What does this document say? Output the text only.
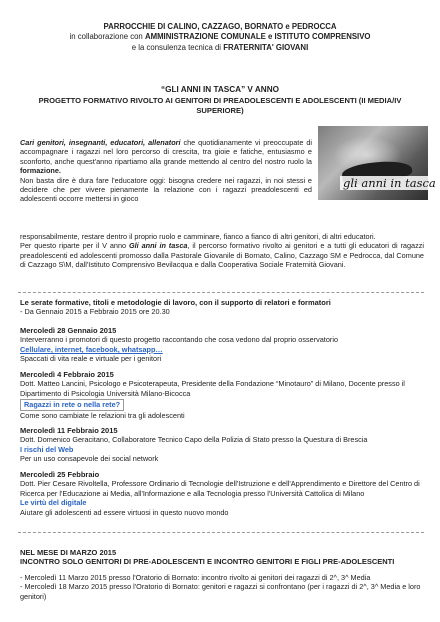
PARROCCHIE DI CALINO, CAZZAGO, BORNATO e PEDROCCA
in collaborazione con AMMINISTRAZIONE COMUNALE e ISTITUTO COMPRENSIVO
e la consulenza tecnica di FRATERNITA' GIOVANI
“GLI ANNI IN TASCA” V ANNO
PROGETTO FORMATIVO RIVOLTO AI GENITORI DI PREADOLESCENTI E ADOLESCENTI (II MEDIA/IV SUPERIORE)
gli anni in tasca
Cari genitori, insegnanti, educatori, allenatori che quotidianamente vi preoccupate di accompagnare i ragazzi nel loro percorso di crescita, tra gioie e fatiche, entusiasmo e sconforto, anche quest'anno ripartiamo alla grande mettendo al centro del nostro ruolo la formazione.
Non basta dire è dura fare l'educatore oggi: bisogna credere nei ragazzi, in noi stessi e decidere che per vivere pienamente la relazione con i ragazzi preadolescenti ed adolescenti occorre mettersi in gioco
responsabilmente, restare dentro il proprio ruolo e camminare, fianco a fianco di altri genitori, di altri educatori.
Per questo riparte per il V anno Gli anni in tasca, il percorso formativo rivolto ai genitori e a tutti gli educatori di ragazzi preadolescenti ed adolescenti promosso dalla Pastorale Giovanile di Bornato, Calino, Cazzago SM e Pedrocca, dal Comune di Cazzago S\M, dall'Istituto Comprensivo Bevilacqua e dalla Cooperativa Sociale Fraternità Giovani.
Le serate formative, titoli e metodologie di lavoro, con il supporto di relatori e formatori
- Da Gennaio 2015 a Febbraio 2015 ore 20.30
Mercoledì 28 Gennaio 2015
Interverranno i promotori di questo progetto raccontando che cosa vedono dal proprio osservatorio
Cellulare, internet, facebook, whatsapp…
Spaccati di vita reale e virtuale per i genitori
Mercoledì 4 Febbraio 2015
Dott. Matteo Lancini, Psicologo e Psicoterapeuta, Presidente della Fondazione “Minotauro” di Milano, Docente presso il Dipartimento di Psicologia Università Milano-Bicocca
Ragazzi in rete o nella rete?
Come sono cambiate le relazioni tra gli adolescenti
Mercoledì 11 Febbraio 2015
Dott. Domenico Geracitano, Collaboratore Tecnico Capo della Polizia di Stato presso la Questura di Brescia
I rischi del Web
Per un uso consapevole dei social network
Mercoledì 25 Febbraio
Dott. Pier Cesare Rivoltella, Professore Ordinario di Tecnologie dell'Istruzione e dell'Apprendimento e Direttore del Centro di Ricerca per l'Educazione ai Media, all'Informazione e alla Tecnologia presso l'Università Cattolica di Milano
Le virtù del digitale
Aiutare gli adolescenti ad essere virtuosi in questo nuovo mondo
NEL MESE DI MARZO 2015
INCONTRO SOLO GENITORI DI PRE-ADOLESCENTI E INCONTRO GENITORI E FIGLI PRE-ADOLESCENTI
- Mercoledì 11 Marzo 2015 presso l'Oratorio di Bornato: incontro rivolto ai genitori dei ragazzi di 2^, 3^ Media
- Mercoledì 18 Marzo 2015 presso l'Oratorio di Bornato: genitori e ragazzi si confrontano (per i ragazzi di 2^, 3^ Media e loro genitori)
